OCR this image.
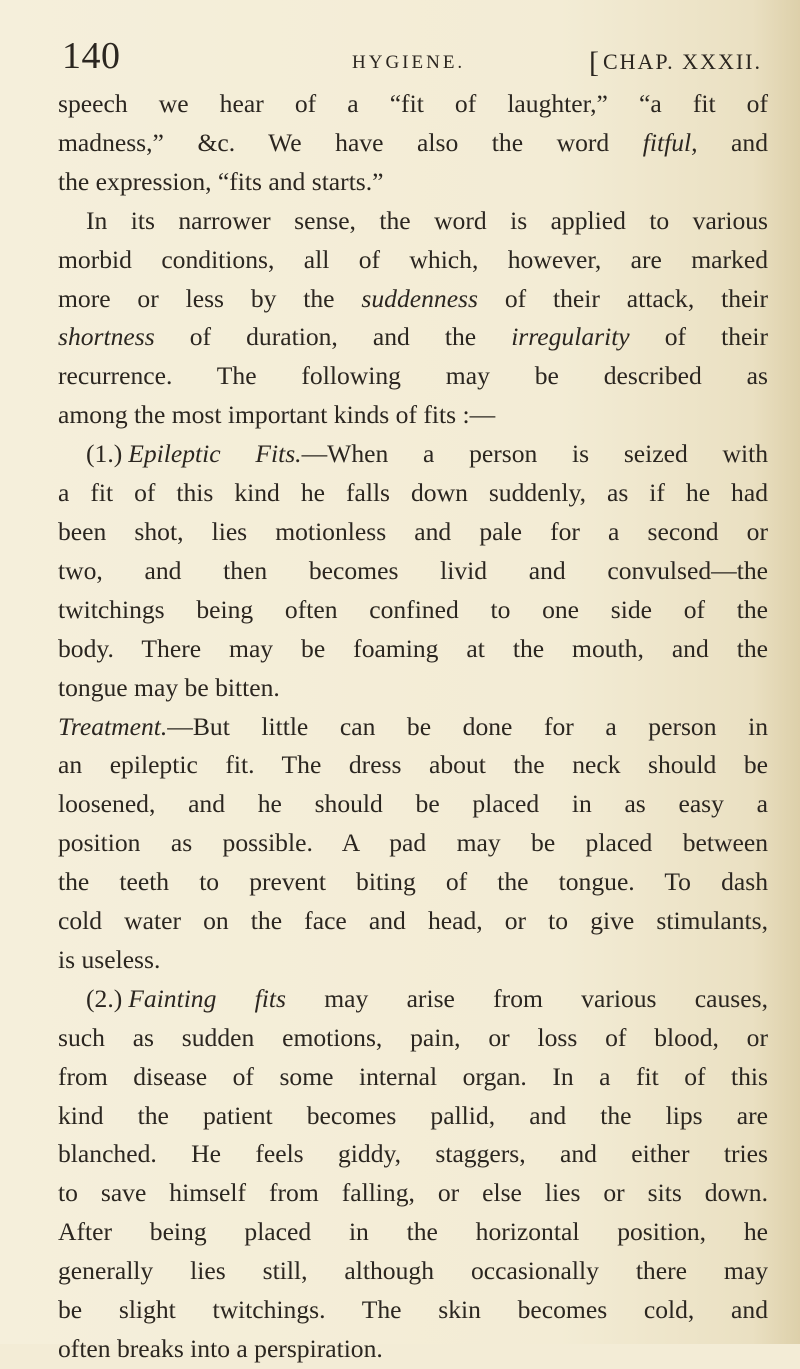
140	HYGIENE.	[CHAP. XXXII.

speech we hear of a “fit of laughter,” “a fit of

madness,” &c. We have also the word fitful, and

the expression, “fits and starts.”

In its narrower sense, the word is applied to various

morbid conditions, all of which, however, are marked

more or less by the suddenness of their attack, their

shortness of duration, and the irregularity of their

recurrence. The following may be described as

among the most important kinds of fits :—

(1.) Epileptic Fits.—When a person is seized with

a fit of this kind he falls down suddenly, as if he had

been shot, lies motionless and pale for a second or

two, and then becomes livid and convulsed—the

twitchings being often confined to one side of the

body. There may be foaming at the mouth, and the

tongue may be bitten.

Treatment.—But little can be done for a person in

an epileptic fit. The dress about the neck should be

loosened, and he should be placed in as easy a

position as possible. A pad may be placed between

the teeth to prevent biting of the tongue. To dash

cold water on the face and head, or to give stimulants,

is useless.

(2.) Fainting fits may arise from various causes,

such as sudden emotions, pain, or loss of blood, or

from disease of some internal organ. In a fit of this

kind the patient becomes pallid, and the lips are

blanched. He feels giddy, staggers, and either tries

to save himself from falling, or else lies or sits down.

After being placed in the horizontal position, he

generally lies still, although occasionally there may

be slight twitchings. The skin becomes cold, and

often breaks into a perspiration.
